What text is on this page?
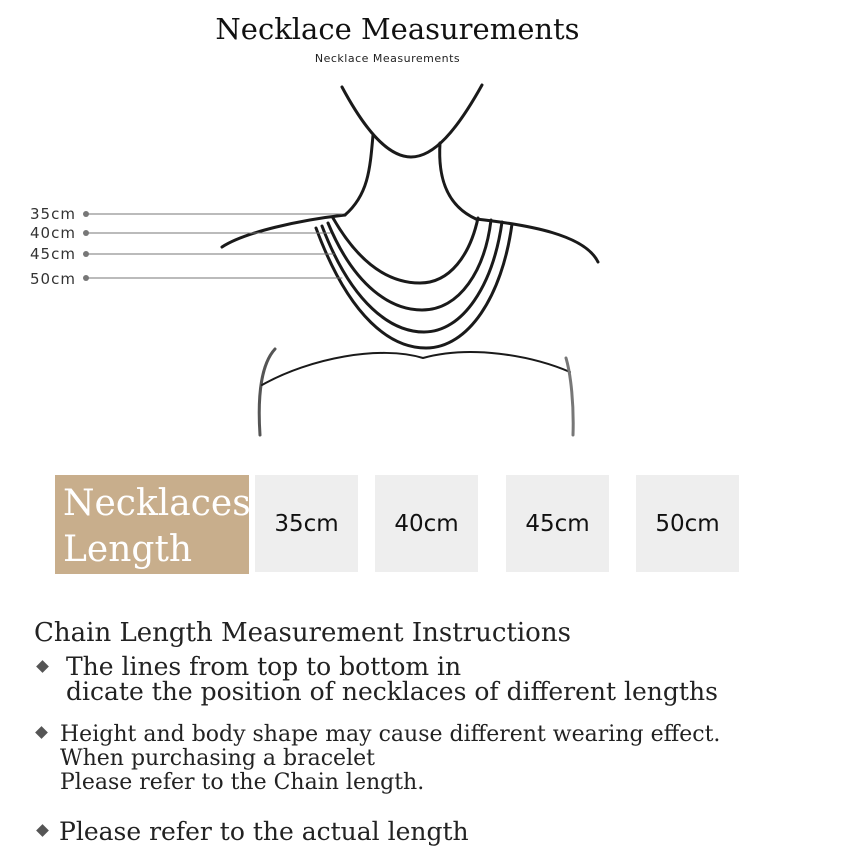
Necklace Measurements
Necklace Measurements
35cm
40cm
45cm
50cm
Necklaces
Length
35cm	40cm	45cm	50cm
Chain Length Measurement Instructions
The lines from top to bottom in
dicate the position of necklaces of different lengths
Height and body shape may cause different wearing effect.
When purchasing a bracelet
Please refer to the Chain length.
Please refer to the actual length
